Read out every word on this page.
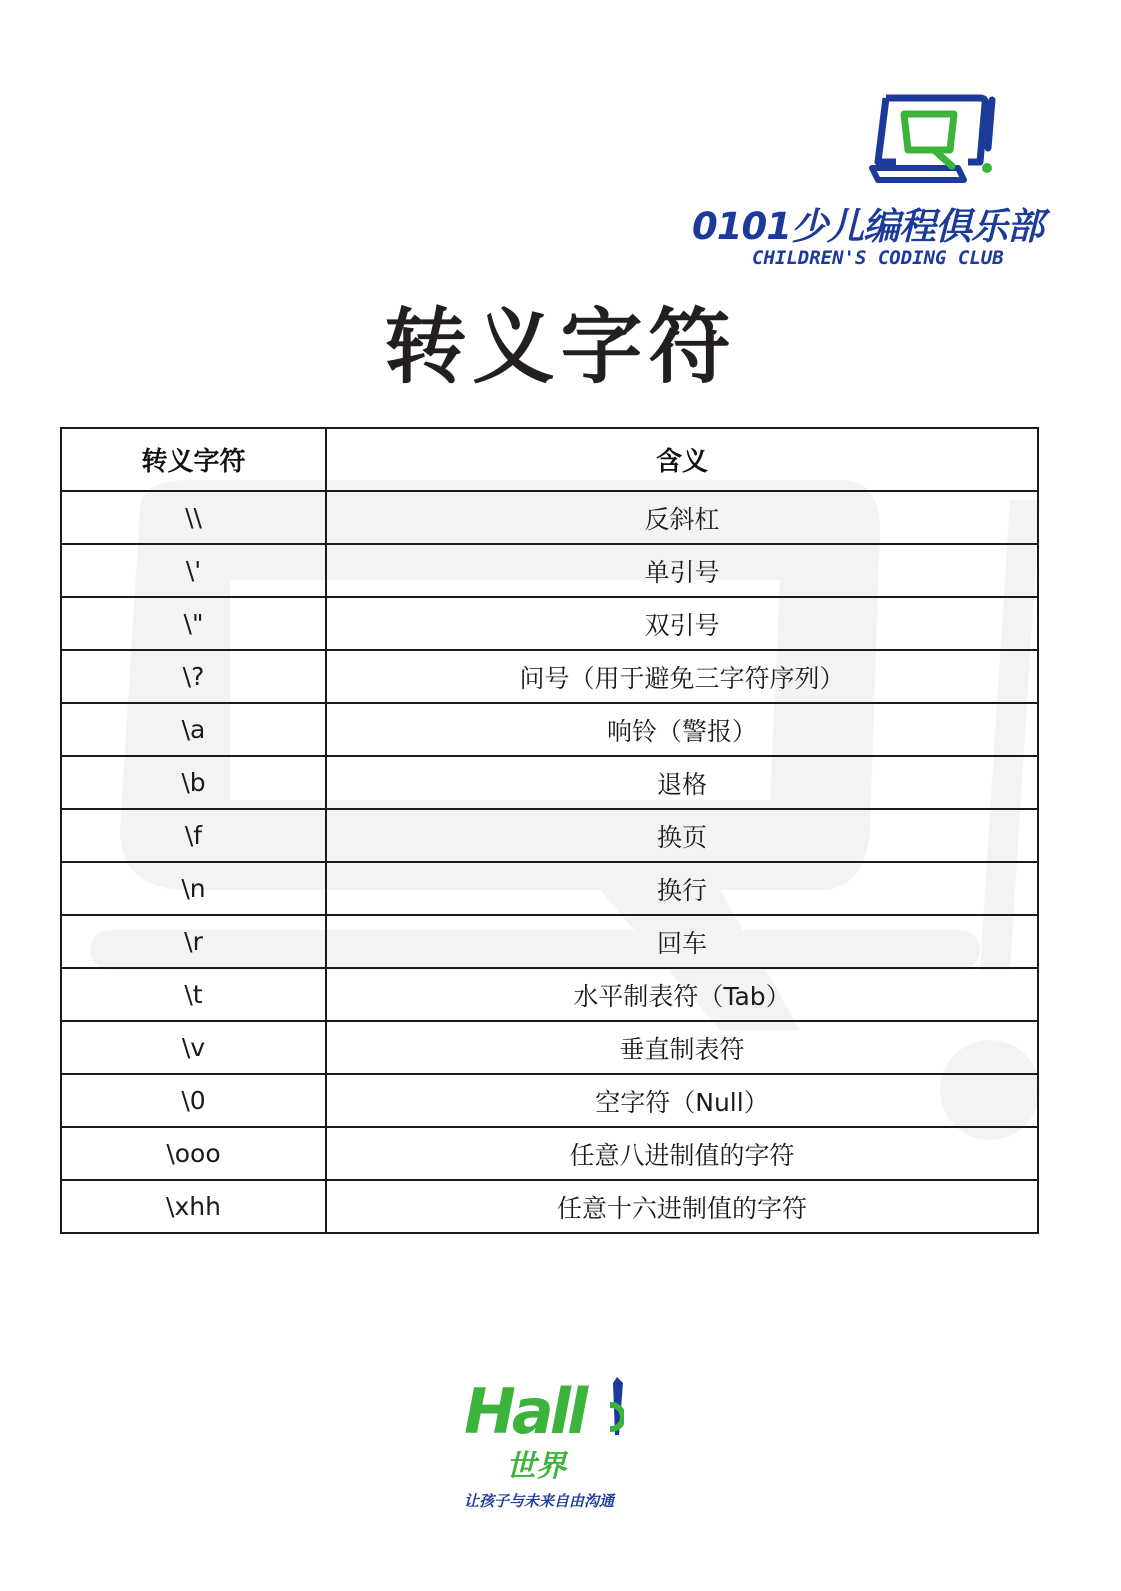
0101少儿编程俱乐部
CHILDREN'S CODING CLUB
转义字符
转义字符	含义
\\	反斜杠
\'	单引号
\"	双引号
\?	问号（用于避免三字符序列）
\a	响铃（警报）
\b	退格
\f	换页
\n	换行
\r	回车
\t	水平制表符（Tab）
\v	垂直制表符
\0	空字符（Null）
\ooo	任意八进制值的字符
\xhh	任意十六进制值的字符
Hall
世界
让孩子与未来自由沟通
